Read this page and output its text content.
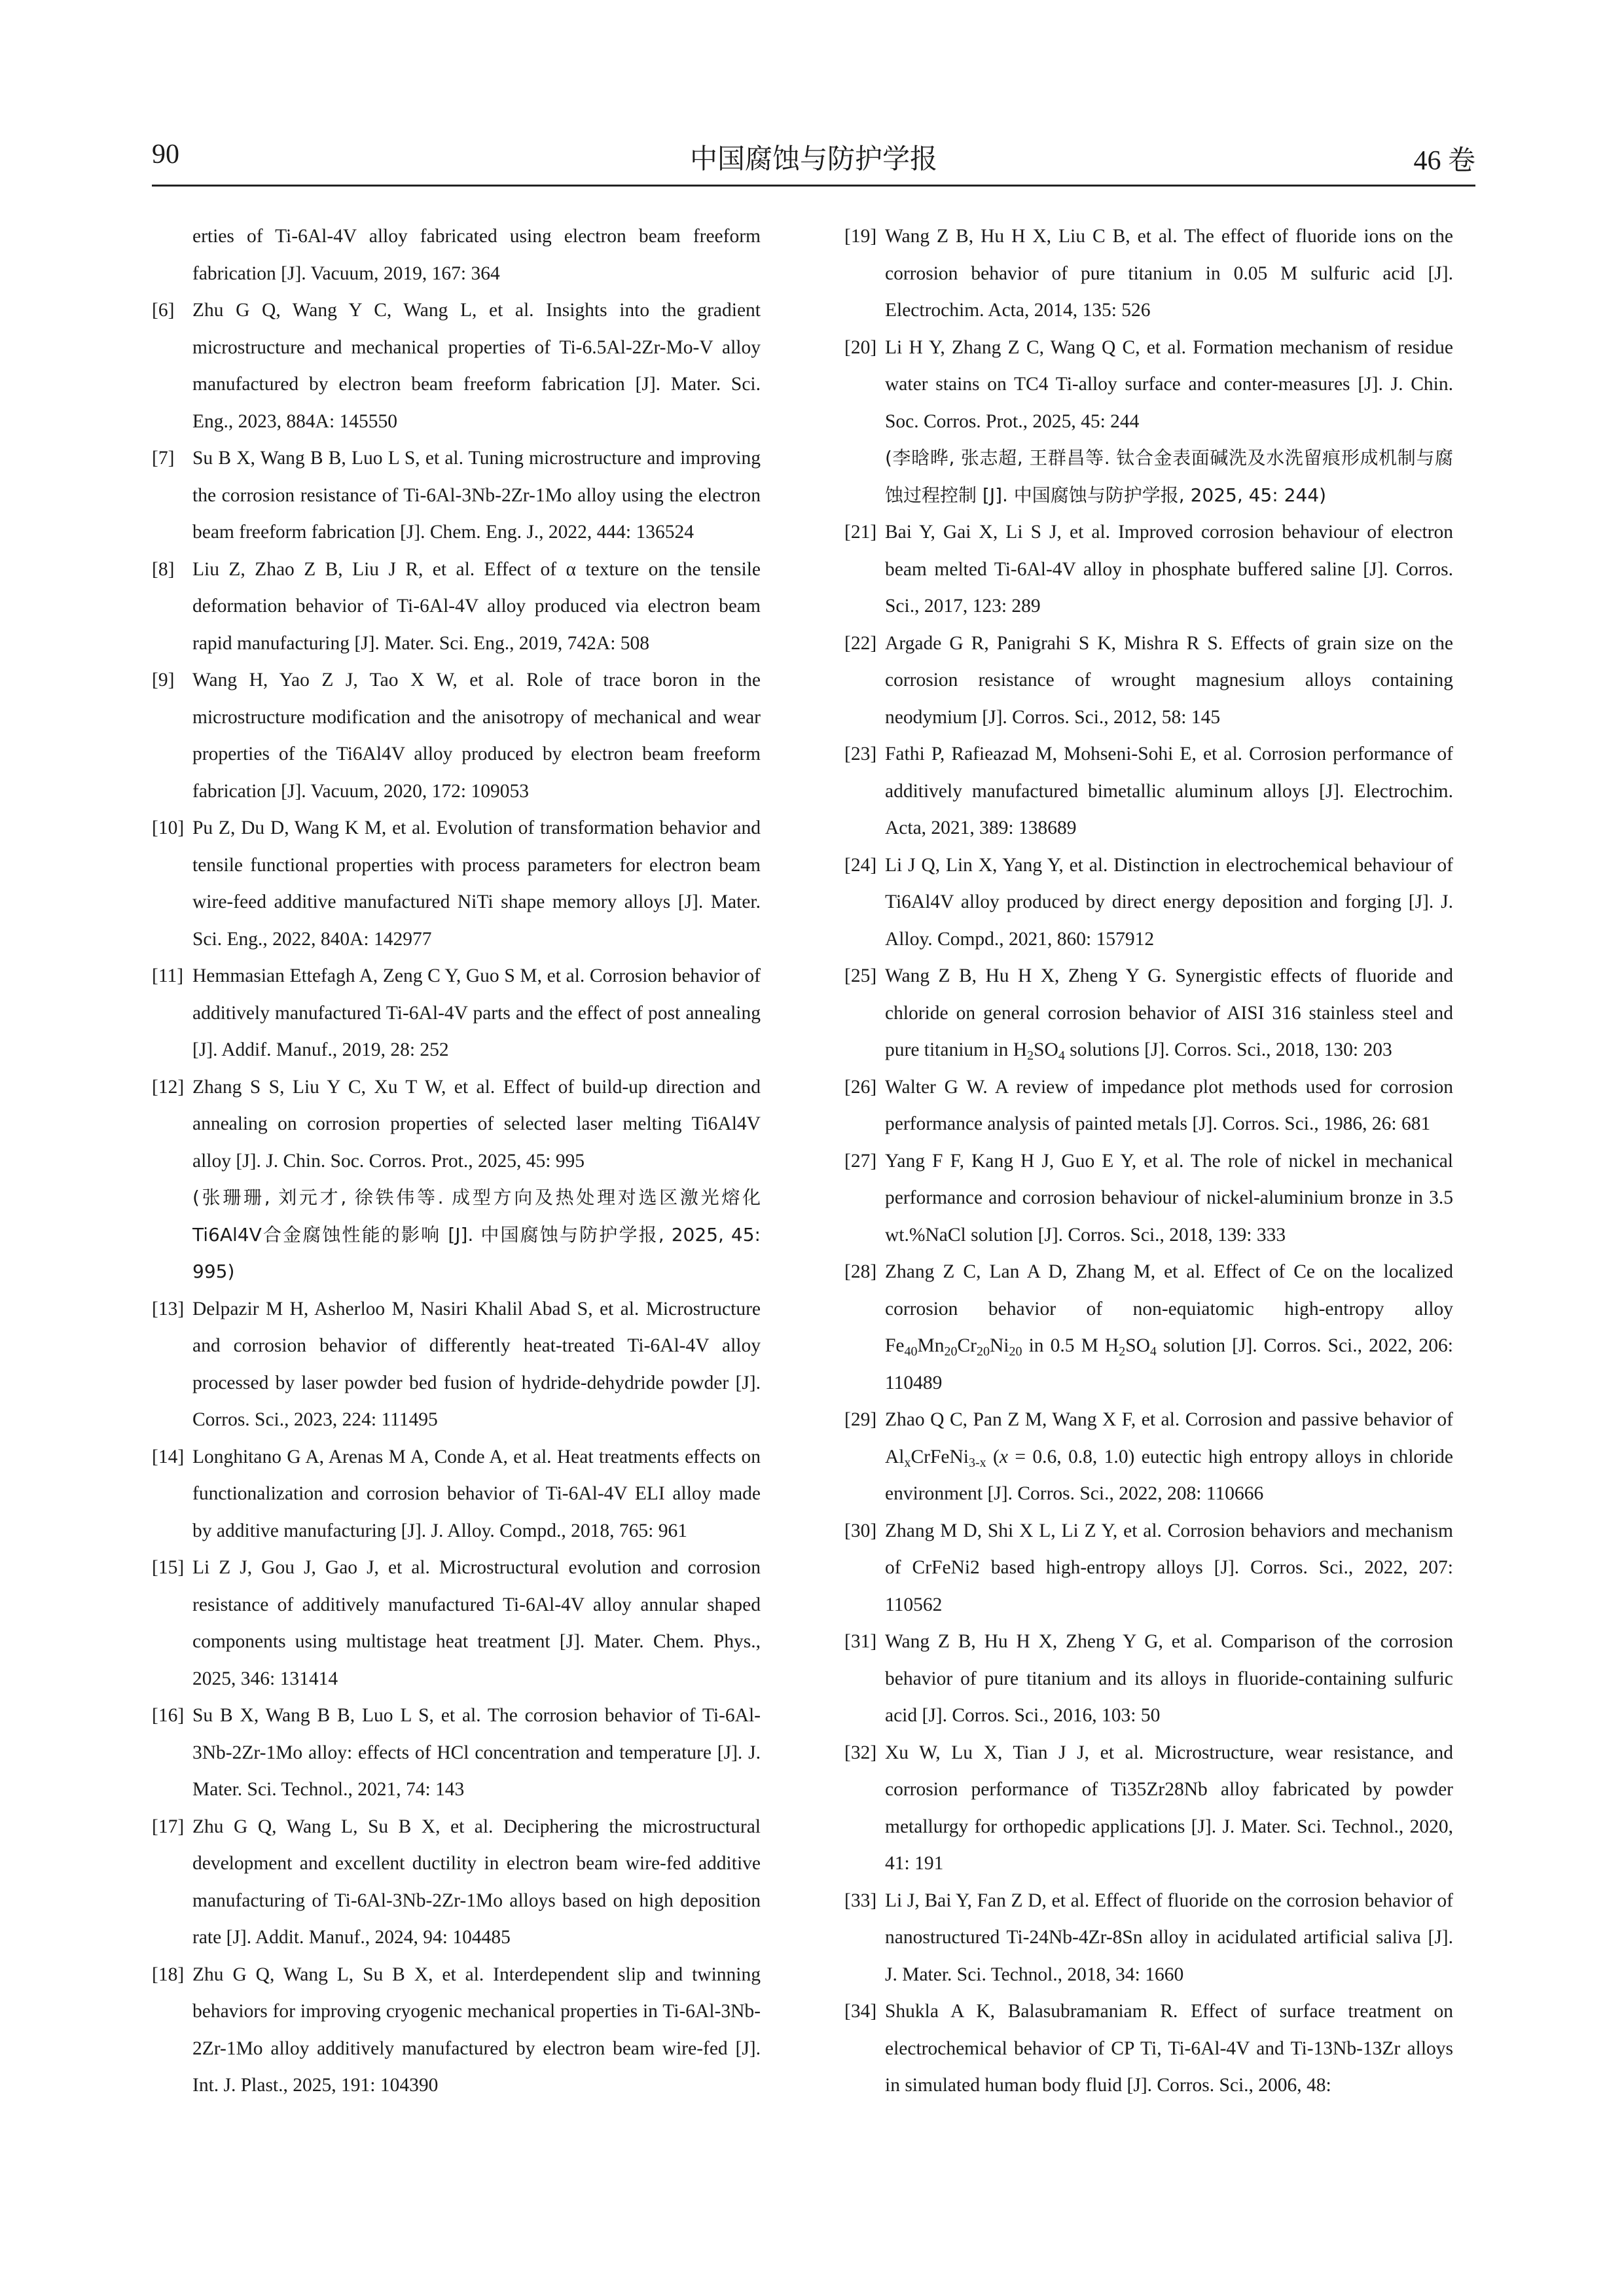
90	中国腐蚀与防护学报	46 卷
erties of Ti-6Al-4V alloy fabricated using electron beam freeform fabrication [J]. Vacuum, 2019, 167: 364
[6] Zhu G Q, Wang Y C, Wang L, et al. Insights into the gradient microstructure and mechanical properties of Ti-6.5Al-2Zr-Mo-V alloy manufactured by electron beam freeform fabrication [J]. Mater. Sci. Eng., 2023, 884A: 145550
[7] Su B X, Wang B B, Luo L S, et al. Tuning microstructure and improving the corrosion resistance of Ti-6Al-3Nb-2Zr-1Mo alloy using the electron beam freeform fabrication [J]. Chem. Eng. J., 2022, 444: 136524
[8] Liu Z, Zhao Z B, Liu J R, et al. Effect of α texture on the tensile deformation behavior of Ti-6Al-4V alloy produced via electron beam rapid manufacturing [J]. Mater. Sci. Eng., 2019, 742A: 508
[9] Wang H, Yao Z J, Tao X W, et al. Role of trace boron in the microstructure modification and the anisotropy of mechanical and wear properties of the Ti6Al4V alloy produced by electron beam freeform fabrication [J]. Vacuum, 2020, 172: 109053
[10] Pu Z, Du D, Wang K M, et al. Evolution of transformation behavior and tensile functional properties with process parameters for electron beam wire-feed additive manufactured NiTi shape memory alloys [J]. Mater. Sci. Eng., 2022, 840A: 142977
[11] Hemmasian Ettefagh A, Zeng C Y, Guo S M, et al. Corrosion behavior of additively manufactured Ti-6Al-4V parts and the effect of post annealing [J]. Addif. Manuf., 2019, 28: 252
[12] Zhang S S, Liu Y C, Xu T W, et al. Effect of build-up direction and annealing on corrosion properties of selected laser melting Ti6Al4V alloy [J]. J. Chin. Soc. Corros. Prot., 2025, 45: 995
(张珊珊, 刘元才, 徐铁伟等. 成型方向及热处理对选区激光熔化Ti6Al4V合金腐蚀性能的影响 [J]. 中国腐蚀与防护学报, 2025, 45: 995)
[13] Delpazir M H, Asherloo M, Nasiri Khalil Abad S, et al. Microstructure and corrosion behavior of differently heat-treated Ti-6Al-4V alloy processed by laser powder bed fusion of hydride-dehydride powder [J]. Corros. Sci., 2023, 224: 111495
[14] Longhitano G A, Arenas M A, Conde A, et al. Heat treatments effects on functionalization and corrosion behavior of Ti-6Al-4V ELI alloy made by additive manufacturing [J]. J. Alloy. Compd., 2018, 765: 961
[15] Li Z J, Gou J, Gao J, et al. Microstructural evolution and corrosion resistance of additively manufactured Ti-6Al-4V alloy annular shaped components using multistage heat treatment [J]. Mater. Chem. Phys., 2025, 346: 131414
[16] Su B X, Wang B B, Luo L S, et al. The corrosion behavior of Ti-6Al-3Nb-2Zr-1Mo alloy: effects of HCl concentration and temperature [J]. J. Mater. Sci. Technol., 2021, 74: 143
[17] Zhu G Q, Wang L, Su B X, et al. Deciphering the microstructural development and excellent ductility in electron beam wire-fed additive manufacturing of Ti-6Al-3Nb-2Zr-1Mo alloys based on high deposition rate [J]. Addit. Manuf., 2024, 94: 104485
[18] Zhu G Q, Wang L, Su B X, et al. Interdependent slip and twinning behaviors for improving cryogenic mechanical properties in Ti-6Al-3Nb-2Zr-1Mo alloy additively manufactured by electron beam wire-fed [J]. Int. J. Plast., 2025, 191: 104390
[19] Wang Z B, Hu H X, Liu C B, et al. The effect of fluoride ions on the corrosion behavior of pure titanium in 0.05 M sulfuric acid [J]. Electrochim. Acta, 2014, 135: 526
[20] Li H Y, Zhang Z C, Wang Q C, et al. Formation mechanism of residue water stains on TC4 Ti-alloy surface and conter-measures [J]. J. Chin. Soc. Corros. Prot., 2025, 45: 244
(李晗晔, 张志超, 王群昌等. 钛合金表面碱洗及水洗留痕形成机制与腐蚀过程控制 [J]. 中国腐蚀与防护学报, 2025, 45: 244)
[21] Bai Y, Gai X, Li S J, et al. Improved corrosion behaviour of electron beam melted Ti-6Al-4V alloy in phosphate buffered saline [J]. Corros. Sci., 2017, 123: 289
[22] Argade G R, Panigrahi S K, Mishra R S. Effects of grain size on the corrosion resistance of wrought magnesium alloys containing neodymium [J]. Corros. Sci., 2012, 58: 145
[23] Fathi P, Rafieazad M, Mohseni-Sohi E, et al. Corrosion performance of additively manufactured bimetallic aluminum alloys [J]. Electrochim. Acta, 2021, 389: 138689
[24] Li J Q, Lin X, Yang Y, et al. Distinction in electrochemical behaviour of Ti6Al4V alloy produced by direct energy deposition and forging [J]. J. Alloy. Compd., 2021, 860: 157912
[25] Wang Z B, Hu H X, Zheng Y G. Synergistic effects of fluoride and chloride on general corrosion behavior of AISI 316 stainless steel and pure titanium in $H_2SO_4$ solutions [J]. Corros. Sci., 2018, 130: 203
[26] Walter G W. A review of impedance plot methods used for corrosion performance analysis of painted metals [J]. Corros. Sci., 1986, 26: 681
[27] Yang F F, Kang H J, Guo E Y, et al. The role of nickel in mechanical performance and corrosion behaviour of nickel-aluminium bronze in 3.5 wt.%NaCl solution [J]. Corros. Sci., 2018, 139: 333
[28] Zhang Z C, Lan A D, Zhang M, et al. Effect of Ce on the localized corrosion behavior of non-equiatomic high-entropy alloy $Fe_{40}Mn_{20}Cr_{20}Ni_{20}$ in 0.5 M $H_2SO_4$ solution [J]. Corros. Sci., 2022, 206: 110489
[29] Zhao Q C, Pan Z M, Wang X F, et al. Corrosion and passive behavior of $Al_xCrFeNi_{3-x}$ (x = 0.6, 0.8, 1.0) eutectic high entropy alloys in chloride environment [J]. Corros. Sci., 2022, 208: 110666
[30] Zhang M D, Shi X L, Li Z Y, et al. Corrosion behaviors and mechanism of CrFeNi2 based high-entropy alloys [J]. Corros. Sci., 2022, 207: 110562
[31] Wang Z B, Hu H X, Zheng Y G, et al. Comparison of the corrosion behavior of pure titanium and its alloys in fluoride-containing sulfuric acid [J]. Corros. Sci., 2016, 103: 50
[32] Xu W, Lu X, Tian J J, et al. Microstructure, wear resistance, and corrosion performance of Ti35Zr28Nb alloy fabricated by powder metallurgy for orthopedic applications [J]. J. Mater. Sci. Technol., 2020, 41: 191
[33] Li J, Bai Y, Fan Z D, et al. Effect of fluoride on the corrosion behavior of nanostructured Ti-24Nb-4Zr-8Sn alloy in acidulated artificial saliva [J]. J. Mater. Sci. Technol., 2018, 34: 1660
[34] Shukla A K, Balasubramaniam R. Effect of surface treatment on electrochemical behavior of CP Ti, Ti-6Al-4V and Ti-13Nb-13Zr alloys in simulated human body fluid [J]. Corros. Sci., 2006, 48:
